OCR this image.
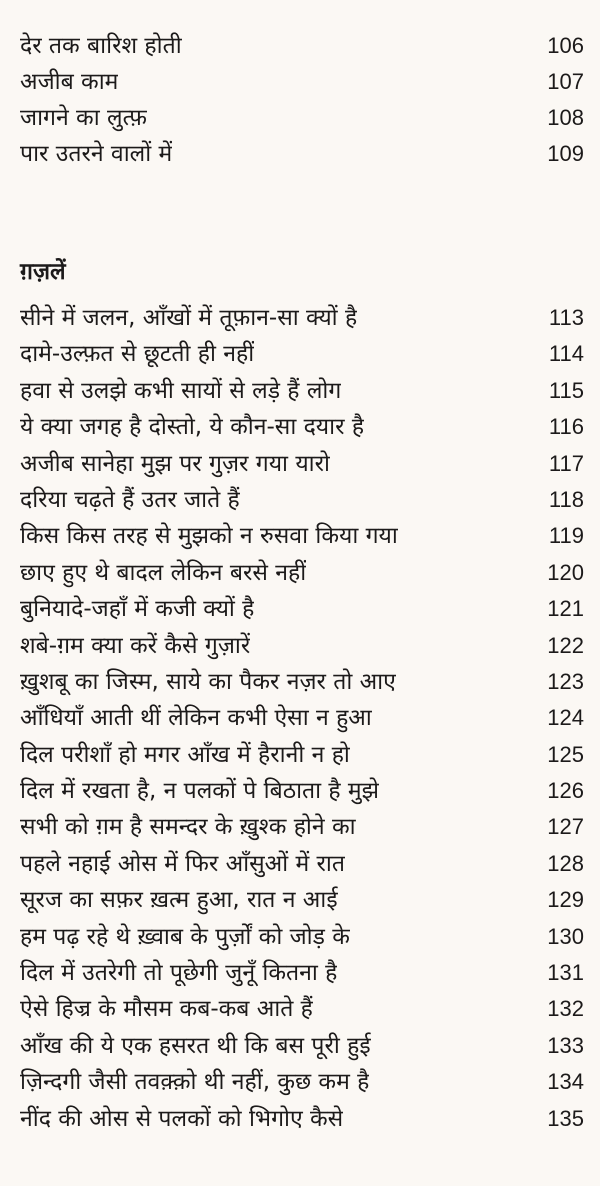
देर तक बारिश होती	106
अजीब काम	107
जागने का लुत्फ़	108
पार उतरने वालों में	109
ग़ज़लें
सीने में जलन, आँखों में तूफ़ान-सा क्यों है	113
दामे-उल्फ़त से छूटती ही नहीं	114
हवा से उलझे कभी सायों से लड़े हैं लोग	115
ये क्या जगह है दोस्तो, ये कौन-सा दयार है	116
अजीब सानेहा मुझ पर गुज़र गया यारो	117
दरिया चढ़ते हैं उतर जाते हैं	118
किस किस तरह से मुझको न रुसवा किया गया	119
छाए हुए थे बादल लेकिन बरसे नहीं	120
बुनियादे-जहाँ में कजी क्यों है	121
शबे-ग़म क्या करें कैसे गुज़ारें	122
ख़ुशबू का जिस्म, साये का पैकर नज़र तो आए	123
आँधियाँ आती थीं लेकिन कभी ऐसा न हुआ	124
दिल परीशाँ हो मगर आँख में हैरानी न हो	125
दिल में रखता है, न पलकों पे बिठाता है मुझे	126
सभी को ग़म है समन्दर के ख़ुश्क होने का	127
पहले नहाई ओस में फिर आँसुओं में रात	128
सूरज का सफ़र ख़त्म हुआ, रात न आई	129
हम पढ़ रहे थे ख़्वाब के पुर्ज़ों को जोड़ के	130
दिल में उतरेगी तो पूछेगी जुनूँ कितना है	131
ऐसे हिज्र के मौसम कब-कब आते हैं	132
आँख की ये एक हसरत थी कि बस पूरी हुई	133
ज़िन्दगी जैसी तवक़्क़ो थी नहीं, कुछ कम है	134
नींद की ओस से पलकों को भिगोए कैसे	135
